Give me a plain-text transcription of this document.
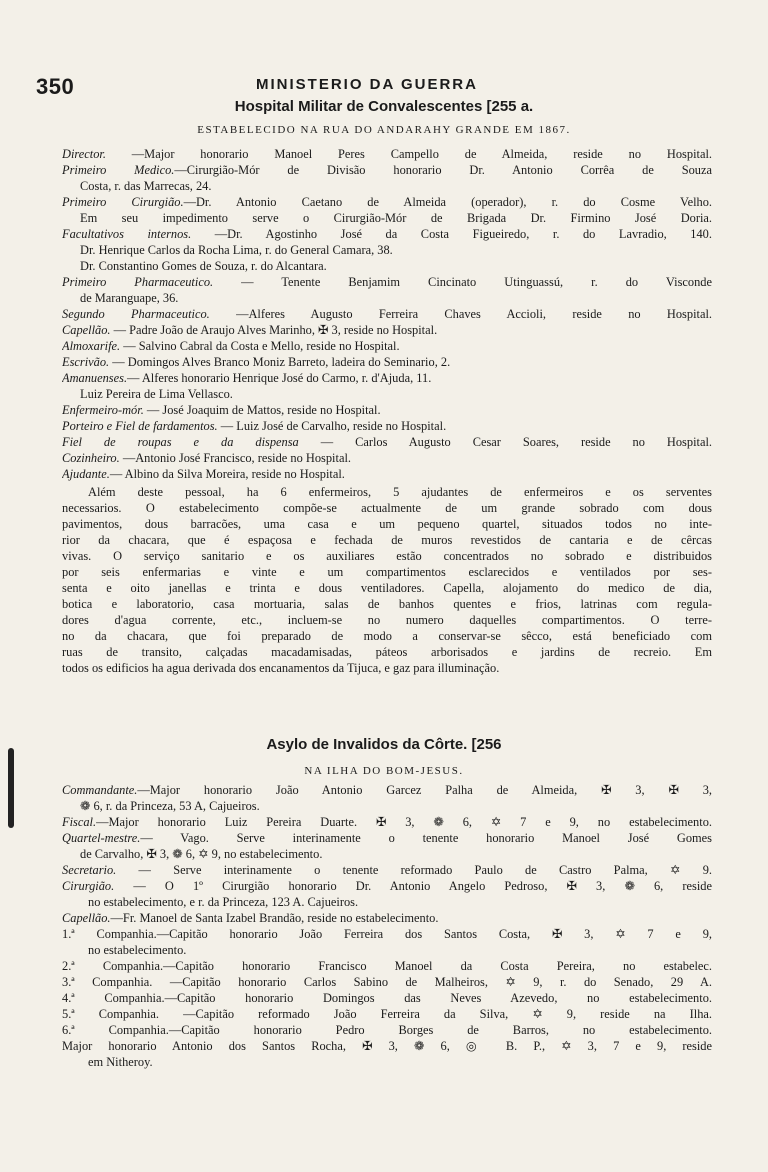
350	MINISTERIO DA GUERRA
Hospital Militar de Convalescentes [255 a.
ESTABELECIDO NA RUA DO ANDARAHY GRANDE EM 1867.
Director. —Major honorario Manoel Peres Campello de Almeida, reside no Hospital.
Primeiro Medico.—Cirurgião-Mór de Divisão honorario Dr. Antonio Corrêa de Souza
Costa, r. das Marrecas, 24.
Primeiro Cirurgião.—Dr. Antonio Caetano de Almeida (operador), r. do Cosme Velho.
Em seu impedimento serve o Cirurgião-Mór de Brigada Dr. Firmino José Doria.
Facultativos internos. —Dr. Agostinho José da Costa Figueiredo, r. do Lavradio, 140.
Dr. Henrique Carlos da Rocha Lima, r. do General Camara, 38.
Dr. Constantino Gomes de Souza, r. do Alcantara.
Primeiro Pharmaceutico. — Tenente Benjamim Cincinato Utinguassú, r. do Visconde
de Maranguape, 36.
Segundo Pharmaceutico. —Alferes Augusto Ferreira Chaves Accioli, reside no Hospital.
Capellão. — Padre João de Araujo Alves Marinho, ✠ 3, reside no Hospital.
Almoxarife. — Salvino Cabral da Costa e Mello, reside no Hospital.
Escrivão. — Domingos Alves Branco Moniz Barreto, ladeira do Seminario, 2.
Amanuenses.— Alferes honorario Henrique José do Carmo, r. d'Ajuda, 11.
Luiz Pereira de Lima Vellasco.
Enfermeiro-mór. — José Joaquim de Mattos, reside no Hospital.
Porteiro e Fiel de fardamentos. — Luiz José de Carvalho, reside no Hospital.
Fiel de roupas e da dispensa — Carlos Augusto Cesar Soares, reside no Hospital.
Cozinheiro. —Antonio José Francisco, reside no Hospital.
Ajudante.— Albino da Silva Moreira, reside no Hospital.
Além deste pessoal, ha 6 enfermeiros, 5 ajudantes de enfermeiros e os serventes
necessarios. O estabelecimento compõe-se actualmente de um grande sobrado com dous
pavimentos, dous barracões, uma casa e um pequeno quartel, situados todos no inte-
rior da chacara, que é espaçosa e fechada de muros revestidos de cantaria e de cêrcas
vivas. O serviço sanitario e os auxiliares estão concentrados no sobrado e distribuidos
por seis enfermarias e vinte e um compartimentos esclarecidos e ventilados por ses-
senta e oito janellas e trinta e dous ventiladores. Capella, alojamento do medico de dia,
botica e laboratorio, casa mortuaria, salas de banhos quentes e frios, latrinas com regula-
dores d'agua corrente, etc., incluem-se no numero daquelles compartimentos. O terre-
no da chacara, que foi preparado de modo a conservar-se sêcco, está beneficiado com
ruas de transito, calçadas macadamisadas, páteos arborisados e jardins de recreio. Em
todos os edificios ha agua derivada dos encanamentos da Tijuca, e gaz para illuminação.
Asylo de Invalidos da Côrte. [256
NA ILHA DO BOM-JESUS.
Commandante.—Major honorario João Antonio Garcez Palha de Almeida, ✠ 3, ✠ 3,
❁ 6, r. da Princeza, 53 A, Cajueiros.
Fiscal.—Major honorario Luiz Pereira Duarte. ✠ 3, ❁ 6, ✡ 7 e 9, no estabelecimento.
Quartel-mestre.— Vago. Serve interinamente o tenente honorario Manoel José Gomes
de Carvalho, ✠ 3, ❁ 6, ✡ 9, no estabelecimento.
Secretario. — Serve interinamente o tenente reformado Paulo de Castro Palma, ✡ 9.
Cirurgião. — O 1º Cirurgião honorario Dr. Antonio Angelo Pedroso, ✠ 3, ❁ 6, reside
no estabelecimento, e r. da Princeza, 123 A. Cajueiros.
Capellão.—Fr. Manoel de Santa Izabel Brandão, reside no estabelecimento.
1.ª Companhia.—Capitão honorario João Ferreira dos Santos Costa, ✠ 3, ✡ 7 e 9,
no estabelecimento.
2.ª Companhia.—Capitão honorario Francisco Manoel da Costa Pereira, no estabelec.
3.ª Companhia. —Capitão honorario Carlos Sabino de Malheiros, ✡ 9, r. do Senado, 29 A.
4.ª Companhia.—Capitão honorario Domingos das Neves Azevedo, no estabelecimento.
5.ª Companhia. —Capitão reformado João Ferreira da Silva, ✡ 9, reside na Ilha.
6.ª Companhia.—Capitão honorario Pedro Borges de Barros, no estabelecimento.
Major honorario Antonio dos Santos Rocha, ✠ 3, ❁ 6, ◎ B. P., ✡ 3, 7 e 9, reside
em Nitheroy.
